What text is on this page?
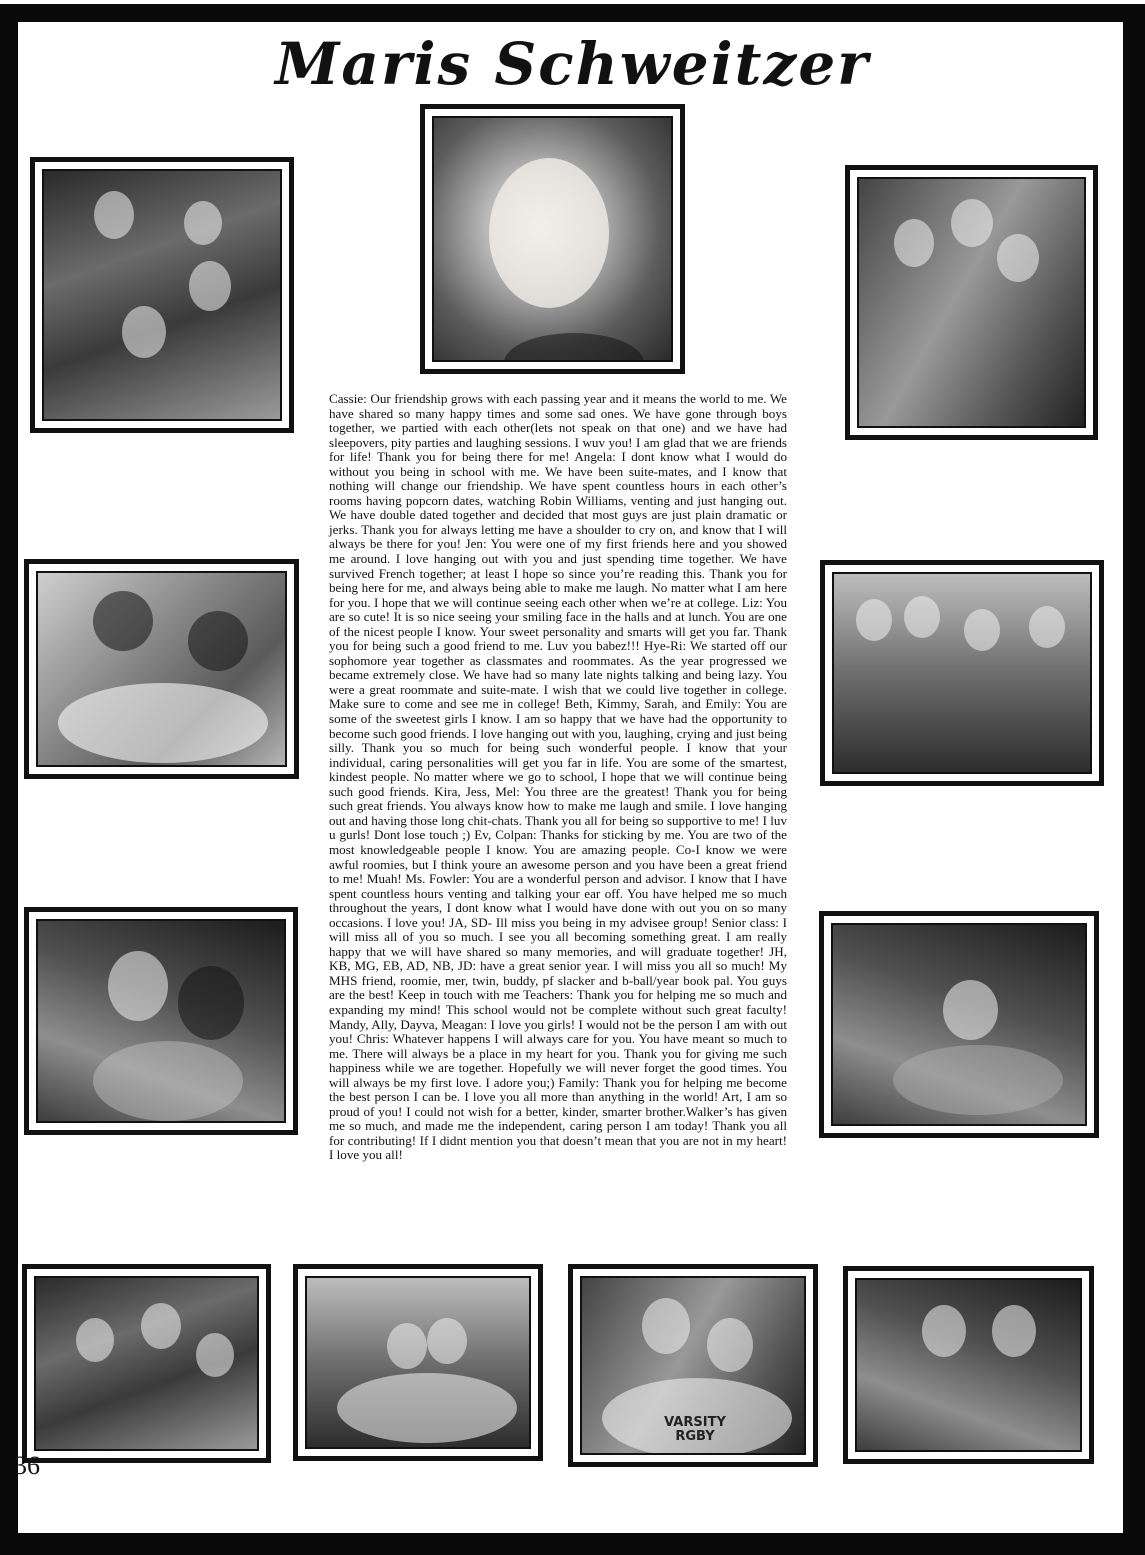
Maris Schweitzer
VARSITY
RGBY

Cassie: Our friendship grows with each passing year and it means the world to me. We have shared so many happy times and some sad ones. We have gone through boys together, we partied with each other(lets not speak on that one) and we have had sleepovers, pity parties and laughing sessions. I wuv you! I am glad that we are friends for life! Thank you for being there for me! Angela: I dont know what I would do without you being in school with me. We have been suite-mates, and I know that nothing will change our friendship. We have spent countless hours in each other’s rooms having popcorn dates, watching Robin Williams, venting and just hanging out. We have double dated together and decided that most guys are just plain dramatic or jerks. Thank you for always letting me have a shoulder to cry on, and know that I will always be there for you! Jen: You were one of my first friends here and you showed me around. I love hanging out with you and just spending time together. We have survived French together; at least I hope so since you’re reading this. Thank you for being here for me, and always being able to make me laugh. No matter what I am here for you. I hope that we will continue seeing each other when we’re at college. Liz: You are so cute! It is so nice seeing your smiling face in the halls and at lunch. You are one of the nicest people I know. Your sweet personality and smarts will get you far. Thank you for being such a good friend to me. Luv you babez!!! Hye-Ri: We started off our sophomore year together as classmates and roommates. As the year progressed we became extremely close. We have had so many late nights talking and being lazy. You were a great roommate and suite-mate. I wish that we could live together in college. Make sure to come and see me in college! Beth, Kimmy, Sarah, and Emily: You are some of the sweetest girls I know. I am so happy that we have had the opportunity to become such good friends. I love hanging out with you, laughing, crying and just being silly. Thank you so much for being such wonderful people. I know that your individual, caring personalities will get you far in life. You are some of the smartest, kindest people. No matter where we go to school, I hope that we will continue being such good friends. Kira, Jess, Mel: You three are the greatest! Thank you for being such great friends. You always know how to make me laugh and smile. I love hanging out and having those long chit-chats. Thank you all for being so supportive to me! I luv u gurls! Dont lose touch ;) Ev, Colpan: Thanks for sticking by me. You are two of the most knowledgeable people I know. You are amazing people. Co-I know we were awful roomies, but I think youre an awesome person and you have been a great friend to me! Muah! Ms. Fowler: You are a wonderful person and advisor. I know that I have spent countless hours venting and talking your ear off. You have helped me so much throughout the years, I dont know what I would have done with out you on so many occasions. I love you! JA, SD- Ill miss you being in my advisee group! Senior class: I will miss all of you so much. I see you all becoming something great. I am really happy that we will have shared so many memories, and will graduate together! JH, KB, MG, EB, AD, NB, JD: have a great senior year. I will miss you all so much! My MHS friend, roomie, mer, twin, buddy, pf slacker and b-ball/year book pal. You guys are the best! Keep in touch with me Teachers: Thank you for helping me so much and expanding my mind! This school would not be complete without such great faculty! Mandy, Ally, Dayva, Meagan: I love you girls! I would not be the person I am with out you! Chris: Whatever happens I will always care for you. You have meant so much to me. There will always be a place in my heart for you. Thank you for giving me such happiness while we are together. Hopefully we will never forget the good times. You will always be my first love. I adore you;) Family: Thank you for helping me become the best person I can be. I love you all more than anything in the world! Art, I am so proud of you! I could not wish for a better, kinder, smarter brother.Walker’s has given me so much, and made me the independent, caring person I am today! Thank you all for contributing! If I didnt mention you that doesn’t mean that you are not in my heart! I love you all!

36
